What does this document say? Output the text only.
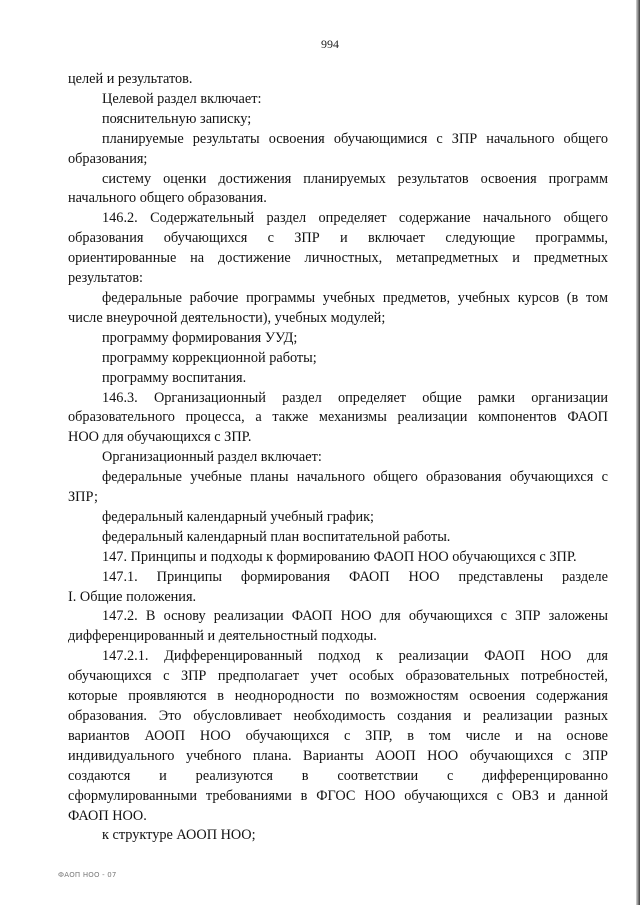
994
целей и результатов.
Целевой раздел включает:
пояснительную записку;
планируемые результаты освоения обучающимися с ЗПР начального общего
образования;
систему оценки достижения планируемых результатов освоения программ
начального общего образования.
146.2. Содержательный раздел определяет содержание начального общего
образования обучающихся с ЗПР и включает следующие программы,
ориентированные на достижение личностных, метапредметных и предметных
результатов:
федеральные рабочие программы учебных предметов, учебных курсов (в том
числе внеурочной деятельности), учебных модулей;
программу формирования УУД;
программу коррекционной работы;
программу воспитания.
146.3. Организационный раздел определяет общие рамки организации
образовательного процесса, а также механизмы реализации компонентов ФАОП
НОО для обучающихся с ЗПР.
Организационный раздел включает:
федеральные учебные планы начального общего образования обучающихся с
ЗПР;
федеральный календарный учебный график;
федеральный календарный план воспитательной работы.
147. Принципы и подходы к формированию ФАОП НОО обучающихся с ЗПР.
147.1. Принципы формирования ФАОП НОО представлены разделе
I. Общие положения.
147.2. В основу реализации ФАОП НОО для обучающихся с ЗПР заложены
дифференцированный и деятельностный подходы.
147.2.1. Дифференцированный подход к реализации ФАОП НОО для
обучающихся с ЗПР предполагает учет особых образовательных потребностей,
которые проявляются в неоднородности по возможностям освоения содержания
образования. Это обусловливает необходимость создания и реализации разных
вариантов АООП НОО обучающихся с ЗПР, в том числе и на основе
индивидуального учебного плана. Варианты АООП НОО обучающихся с ЗПР
создаются и реализуются в соответствии с дифференцированно
сформулированными требованиями в ФГОС НОО обучающихся с ОВЗ и данной
ФАОП НОО.
к структуре АООП НОО;
ФАОП НОО - 07
